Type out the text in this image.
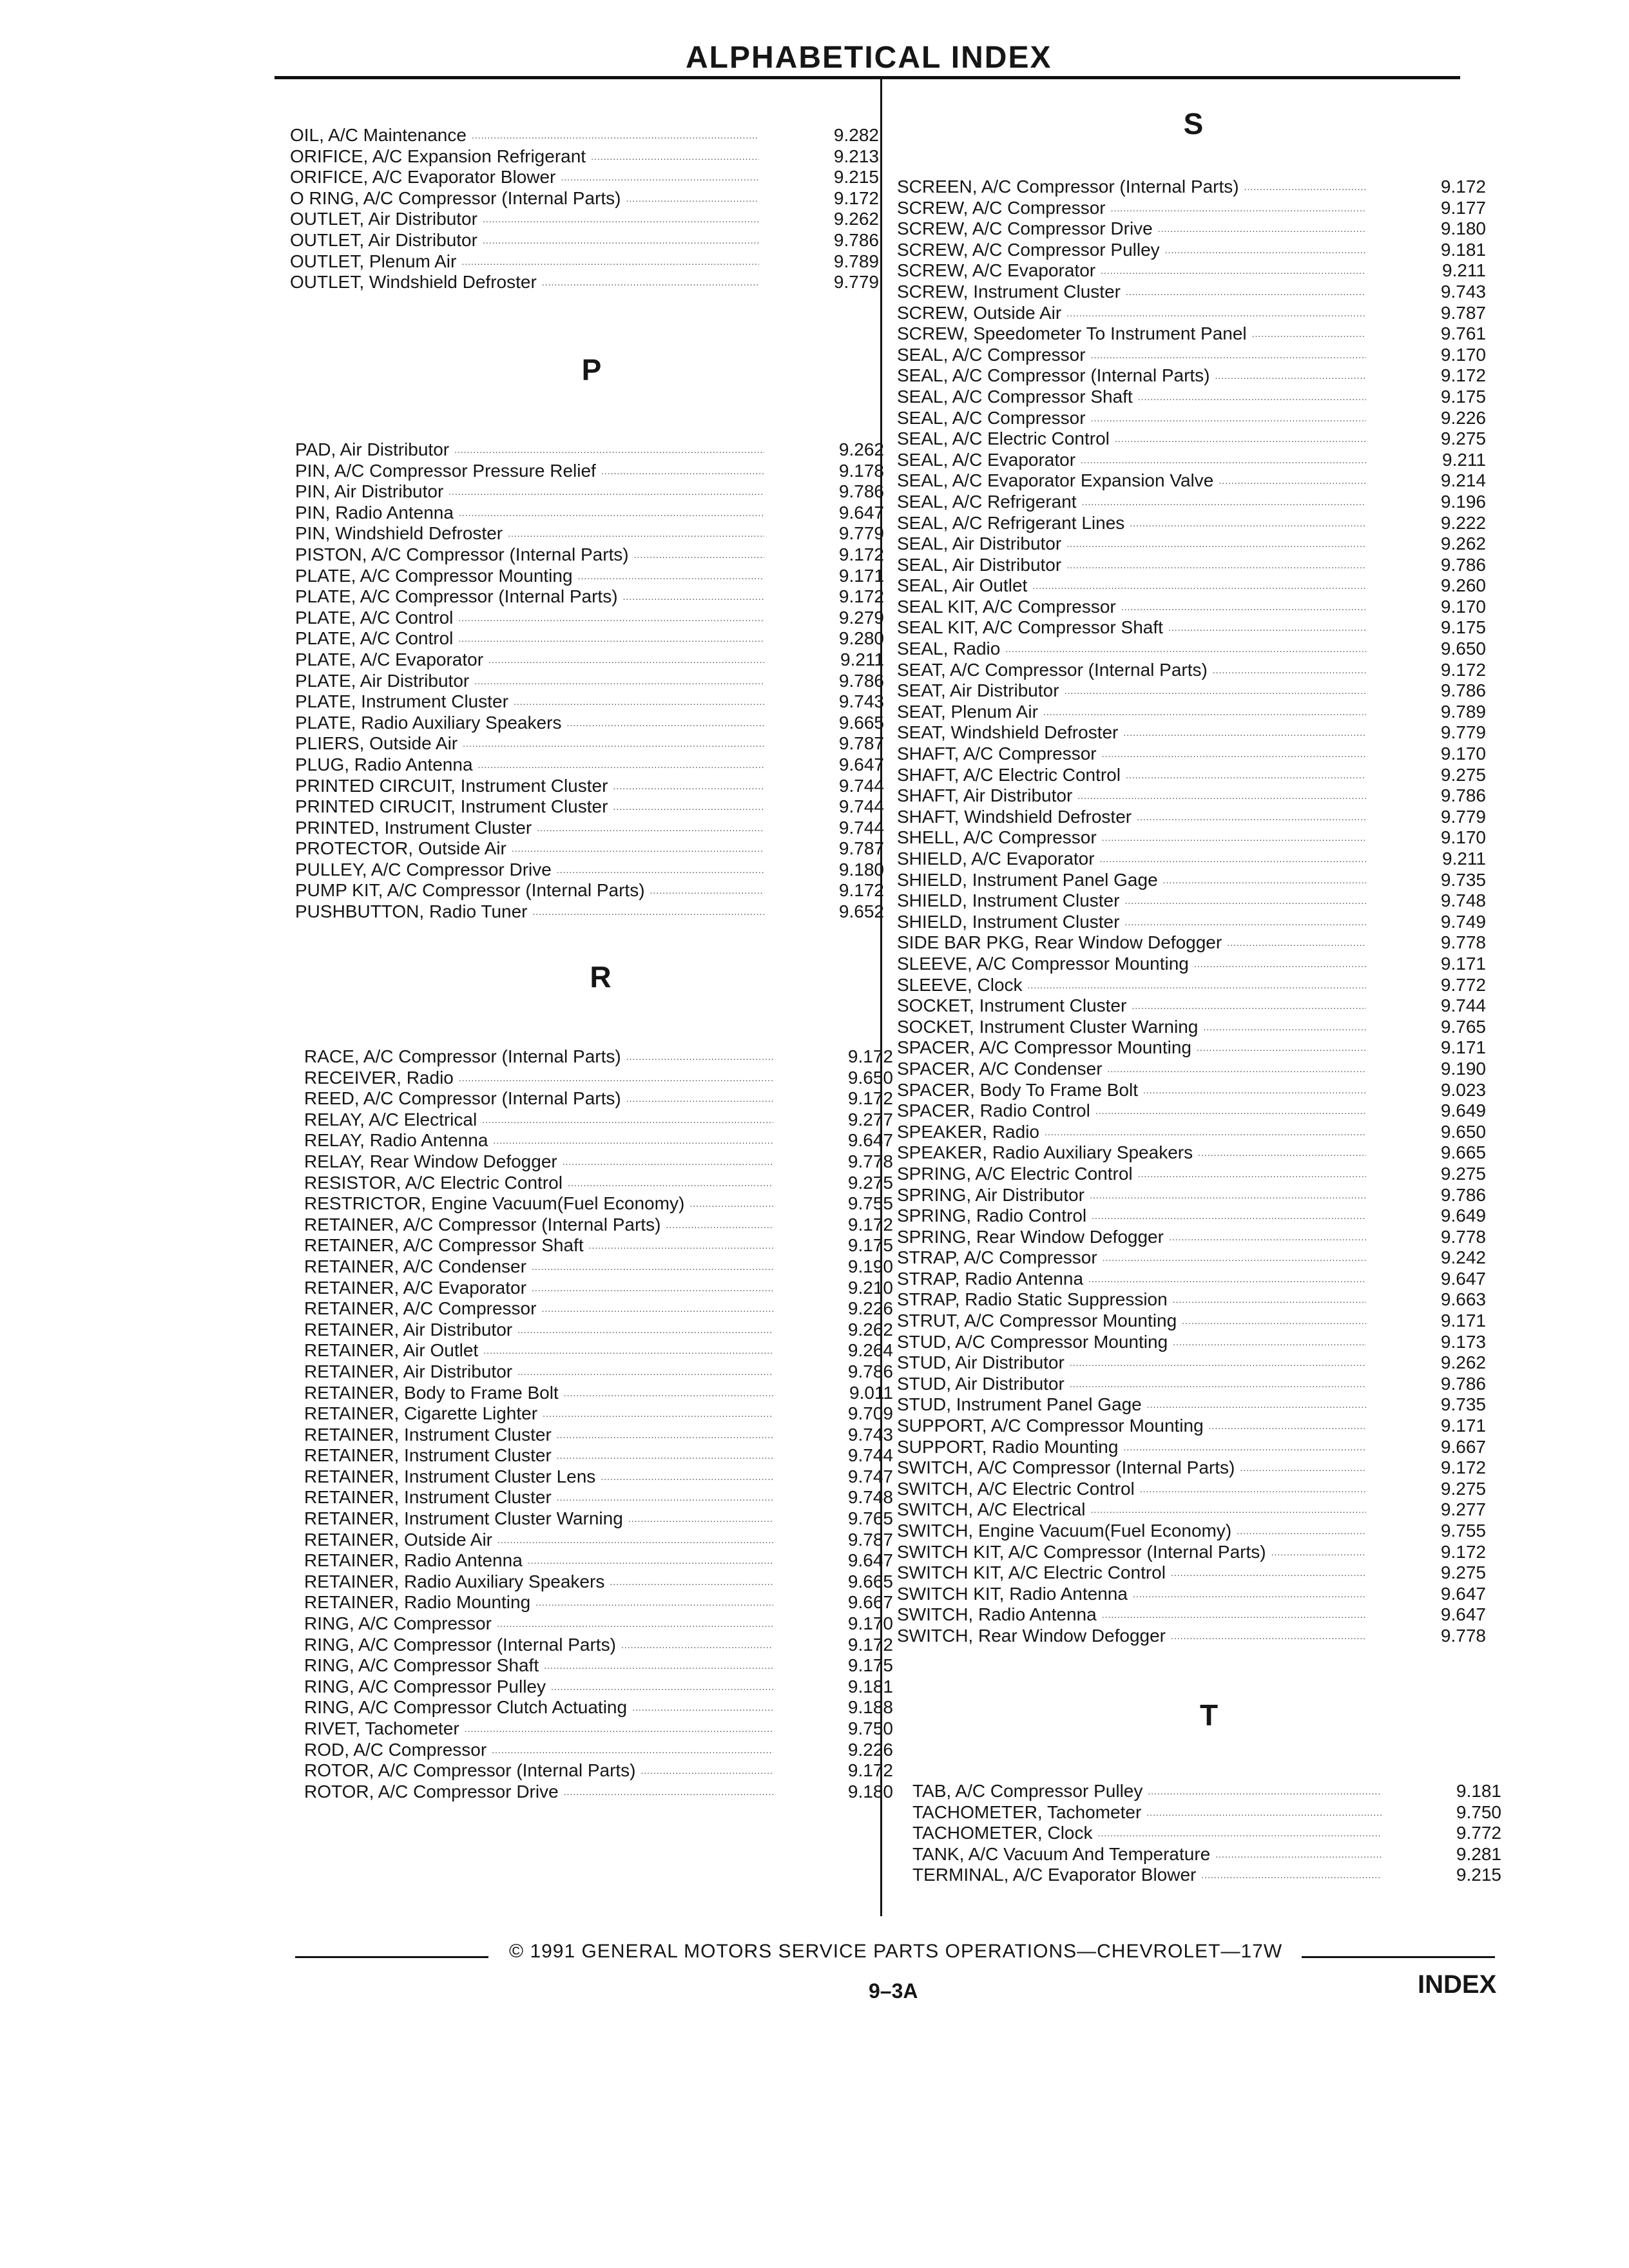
ALPHABETICAL INDEX
OIL, A/C Maintenance .....	9.282
ORIFICE, A/C Expansion Refrigerant .....	9.213
ORIFICE, A/C Evaporator Blower .....	9.215
O RING, A/C Compressor (Internal Parts) .....	9.172
OUTLET, Air Distributor .....	9.262
OUTLET, Air Distributor .....	9.786
OUTLET, Plenum Air .....	9.789
OUTLET, Windshield Defroster .....	9.779
P
PAD, Air Distributor .....	9.262
PIN, A/C Compressor Pressure Relief .....	9.178
PIN, Air Distributor .....	9.786
PIN, Radio Antenna .....	9.647
PIN, Windshield Defroster .....	9.779
PISTON, A/C Compressor (Internal Parts) .....	9.172
PLATE, A/C Compressor Mounting .....	9.171
PLATE, A/C Compressor (Internal Parts) .....	9.172
PLATE, A/C Control .....	9.279
PLATE, A/C Control .....	9.280
PLATE, A/C Evaporator .....	9.211
PLATE, Air Distributor .....	9.786
PLATE, Instrument Cluster .....	9.743
PLATE, Radio Auxiliary Speakers .....	9.665
PLIERS, Outside Air .....	9.787
PLUG, Radio Antenna .....	9.647
PRINTED CIRCUIT, Instrument Cluster .....	9.744
PRINTED CIRUCIT, Instrument Cluster .....	9.744
PRINTED, Instrument Cluster .....	9.744
PROTECTOR, Outside Air .....	9.787
PULLEY, A/C Compressor Drive .....	9.180
PUMP KIT, A/C Compressor (Internal Parts) .....	9.172
PUSHBUTTON, Radio Tuner .....	9.652
R
RACE, A/C Compressor (Internal Parts) .....	9.172
RECEIVER, Radio .....	9.650
REED, A/C Compressor (Internal Parts) .....	9.172
RELAY, A/C Electrical .....	9.277
RELAY, Radio Antenna .....	9.647
RELAY, Rear Window Defogger .....	9.778
RESISTOR, A/C Electric Control .....	9.275
RESTRICTOR, Engine Vacuum(Fuel Economy) .....	9.755
RETAINER, A/C Compressor (Internal Parts) .....	9.172
RETAINER, A/C Compressor Shaft .....	9.175
RETAINER, A/C Condenser .....	9.190
RETAINER, A/C Evaporator .....	9.210
RETAINER, A/C Compressor .....	9.226
RETAINER, Air Distributor .....	9.262
RETAINER, Air Outlet .....	9.264
RETAINER, Air Distributor .....	9.786
RETAINER, Body to Frame Bolt .....	9.011
RETAINER, Cigarette Lighter .....	9.709
RETAINER, Instrument Cluster .....	9.743
RETAINER, Instrument Cluster .....	9.744
RETAINER, Instrument Cluster Lens .....	9.747
RETAINER, Instrument Cluster .....	9.748
RETAINER, Instrument Cluster Warning .....	9.765
RETAINER, Outside Air .....	9.787
RETAINER, Radio Antenna .....	9.647
RETAINER, Radio Auxiliary Speakers .....	9.665
RETAINER, Radio Mounting .....	9.667
RING, A/C Compressor .....	9.170
RING, A/C Compressor (Internal Parts) .....	9.172
RING, A/C Compressor Shaft .....	9.175
RING, A/C Compressor Pulley .....	9.181
RING, A/C Compressor Clutch Actuating .....	9.188
RIVET, Tachometer .....	9.750
ROD, A/C Compressor .....	9.226
ROTOR, A/C Compressor (Internal Parts) .....	9.172
ROTOR, A/C Compressor Drive .....	9.180
S
SCREEN, A/C Compressor (Internal Parts) .....	9.172
SCREW, A/C Compressor .....	9.177
SCREW, A/C Compressor Drive .....	9.180
SCREW, A/C Compressor Pulley .....	9.181
SCREW, A/C Evaporator .....	9.211
SCREW, Instrument Cluster .....	9.743
SCREW, Outside Air .....	9.787
SCREW, Speedometer To Instrument Panel .....	9.761
SEAL, A/C Compressor .....	9.170
SEAL, A/C Compressor (Internal Parts) .....	9.172
SEAL, A/C Compressor Shaft .....	9.175
SEAL, A/C Compressor .....	9.226
SEAL, A/C Electric Control .....	9.275
SEAL, A/C Evaporator .....	9.211
SEAL, A/C Evaporator Expansion Valve .....	9.214
SEAL, A/C Refrigerant .....	9.196
SEAL, A/C Refrigerant Lines .....	9.222
SEAL, Air Distributor .....	9.262
SEAL, Air Distributor .....	9.786
SEAL, Air Outlet .....	9.260
SEAL KIT, A/C Compressor .....	9.170
SEAL KIT, A/C Compressor Shaft .....	9.175
SEAL, Radio .....	9.650
SEAT, A/C Compressor (Internal Parts) .....	9.172
SEAT, Air Distributor .....	9.786
SEAT, Plenum Air .....	9.789
SEAT, Windshield Defroster .....	9.779
SHAFT, A/C Compressor .....	9.170
SHAFT, A/C Electric Control .....	9.275
SHAFT, Air Distributor .....	9.786
SHAFT, Windshield Defroster .....	9.779
SHELL, A/C Compressor .....	9.170
SHIELD, A/C Evaporator .....	9.211
SHIELD, Instrument Panel Gage .....	9.735
SHIELD, Instrument Cluster .....	9.748
SHIELD, Instrument Cluster .....	9.749
SIDE BAR PKG, Rear Window Defogger .....	9.778
SLEEVE, A/C Compressor Mounting .....	9.171
SLEEVE, Clock .....	9.772
SOCKET, Instrument Cluster .....	9.744
SOCKET, Instrument Cluster Warning .....	9.765
SPACER, A/C Compressor Mounting .....	9.171
SPACER, A/C Condenser .....	9.190
SPACER, Body To Frame Bolt .....	9.023
SPACER, Radio Control .....	9.649
SPEAKER, Radio .....	9.650
SPEAKER, Radio Auxiliary Speakers .....	9.665
SPRING, A/C Electric Control .....	9.275
SPRING, Air Distributor .....	9.786
SPRING, Radio Control .....	9.649
SPRING, Rear Window Defogger .....	9.778
STRAP, A/C Compressor .....	9.242
STRAP, Radio Antenna .....	9.647
STRAP, Radio Static Suppression .....	9.663
STRUT, A/C Compressor Mounting .....	9.171
STUD, A/C Compressor Mounting .....	9.173
STUD, Air Distributor .....	9.262
STUD, Air Distributor .....	9.786
STUD, Instrument Panel Gage .....	9.735
SUPPORT, A/C Compressor Mounting .....	9.171
SUPPORT, Radio Mounting .....	9.667
SWITCH, A/C Compressor (Internal Parts) .....	9.172
SWITCH, A/C Electric Control .....	9.275
SWITCH, A/C Electrical .....	9.277
SWITCH, Engine Vacuum(Fuel Economy) .....	9.755
SWITCH KIT, A/C Compressor (Internal Parts) .....	9.172
SWITCH KIT, A/C Electric Control .....	9.275
SWITCH KIT, Radio Antenna .....	9.647
SWITCH, Radio Antenna .....	9.647
SWITCH, Rear Window Defogger .....	9.778
T
TAB, A/C Compressor Pulley .....	9.181
TACHOMETER, Tachometer .....	9.750
TACHOMETER, Clock .....	9.772
TANK, A/C Vacuum And Temperature .....	9.281
TERMINAL, A/C Evaporator Blower .....	9.215
© 1991 GENERAL MOTORS SERVICE PARTS OPERATIONS—CHEVROLET—17W
9–3A	INDEX
